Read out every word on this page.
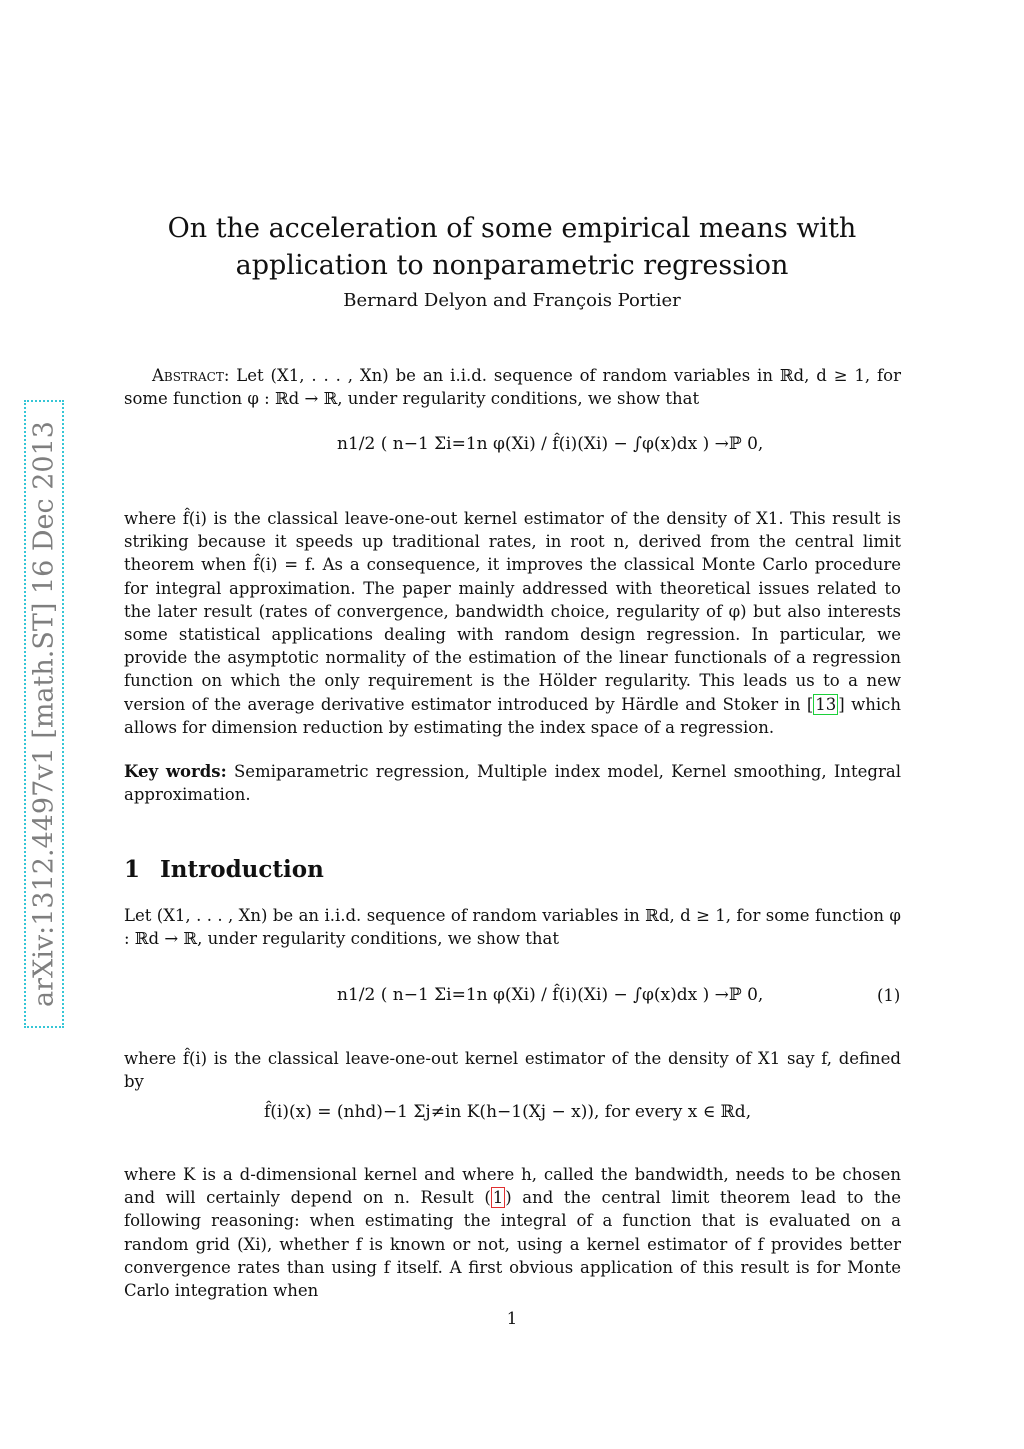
arXiv:1312.4497v1 [math.ST] 16 Dec 2013
On the acceleration of some empirical means with application to nonparametric regression
Bernard Delyon and François Portier

Abstract: Let (X1, . . . , Xn) be an i.i.d. sequence of random variables in ℝd, d ≥ 1, for some function φ : ℝd → ℝ, under regularity conditions, we show that

n1/2 ( n−1 Σi=1n φ(Xi) / f̂(i)(Xi) − ∫φ(x)dx ) →ℙ 0,

where f̂(i) is the classical leave-one-out kernel estimator of the density of X1. This result is striking because it speeds up traditional rates, in root n, derived from the central limit theorem when f̂(i) = f. As a consequence, it improves the classical Monte Carlo procedure for integral approximation. The paper mainly addressed with theoretical issues related to the later result (rates of convergence, bandwidth choice, regularity of φ) but also interests some statistical applications dealing with random design regression. In particular, we provide the asymptotic normality of the estimation of the linear functionals of a regression function on which the only requirement is the Hölder regularity. This leads us to a new version of the average derivative estimator introduced by Härdle and Stoker in [ 13 ] which allows for dimension reduction by estimating the index space of a regression.

Key words: Semiparametric regression, Multiple index model, Kernel smoothing, Integral approximation.

1 Introduction

Let (X1, . . . , Xn) be an i.i.d. sequence of random variables in ℝd, d ≥ 1, for some function φ : ℝd → ℝ, under regularity conditions, we show that

n1/2 ( n−1 Σi=1n φ(Xi) / f̂(i)(Xi) − ∫φ(x)dx ) →ℙ 0,	(1)

where f̂(i) is the classical leave-one-out kernel estimator of the density of X1 say f, defined by

f̂(i)(x) = (nhd)−1 Σj≠in K(h−1(Xj − x)), for every x ∈ ℝd,

where K is a d-dimensional kernel and where h, called the bandwidth, needs to be chosen and will certainly depend on n. Result ( 1 ) and the central limit theorem lead to the following reasoning: when estimating the integral of a function that is evaluated on a random grid (Xi), whether f is known or not, using a kernel estimator of f provides better convergence rates than using f itself. A first obvious application of this result is for Monte Carlo integration when

1
